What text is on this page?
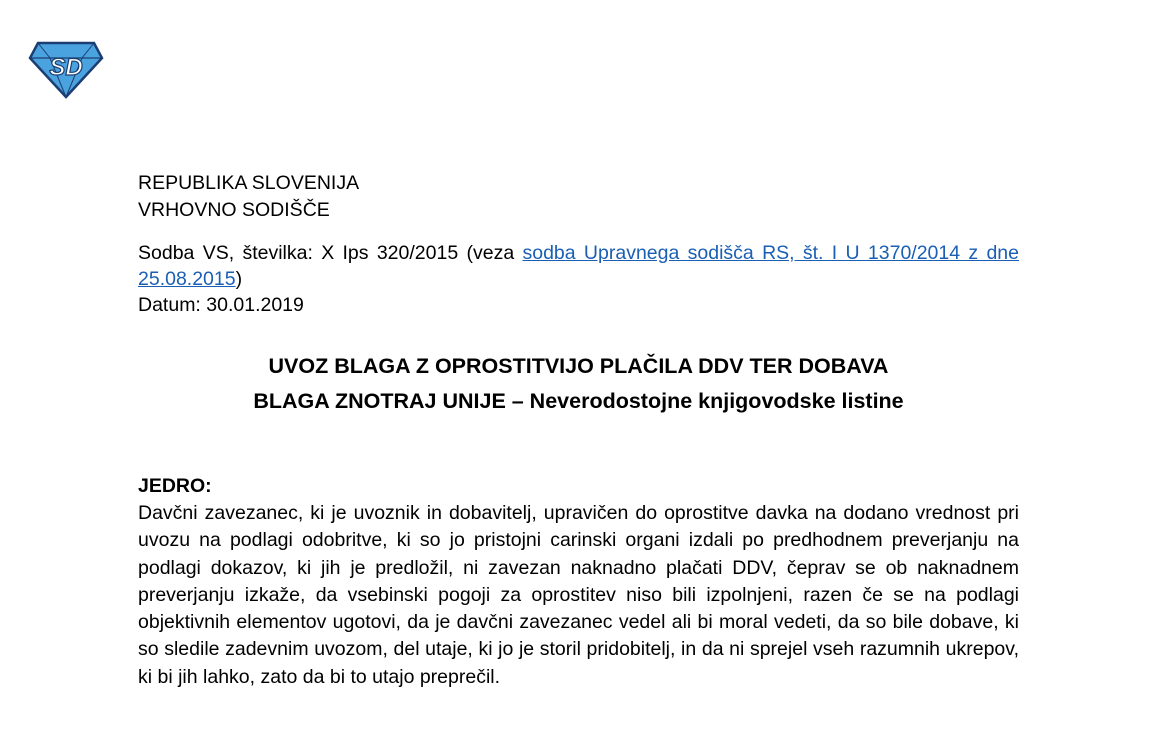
SD
REPUBLIKA SLOVENIJA
VRHOVNO SODIŠČE
Sodba VS, številka: X Ips 320/2015 (veza sodba Upravnega sodišča RS, št. I U 1370/2014 z dne 25.08.2015)
Datum: 30.01.2019
UVOZ BLAGA Z OPROSTITVIJO PLAČILA DDV TER DOBAVA
BLAGA ZNOTRAJ UNIJE – Neverodostojne knjigovodske listine
JEDRO:

Davčni zavezanec, ki je uvoznik in dobavitelj, upravičen do oprostitve davka na dodano vrednost pri uvozu na podlagi odobritve, ki so jo pristojni carinski organi izdali po predhodnem preverjanju na podlagi dokazov, ki jih je predložil, ni zavezan naknadno plačati DDV, čeprav se ob naknadnem preverjanju izkaže, da vsebinski pogoji za oprostitev niso bili izpolnjeni, razen če se na podlagi objektivnih elementov ugotovi, da je davčni zavezanec vedel ali bi moral vedeti, da so bile dobave, ki so sledile zadevnim uvozom, del utaje, ki jo je storil pridobitelj, in da ni sprejel vseh razumnih ukrepov, ki bi jih lahko, zato da bi to utajo preprečil.
